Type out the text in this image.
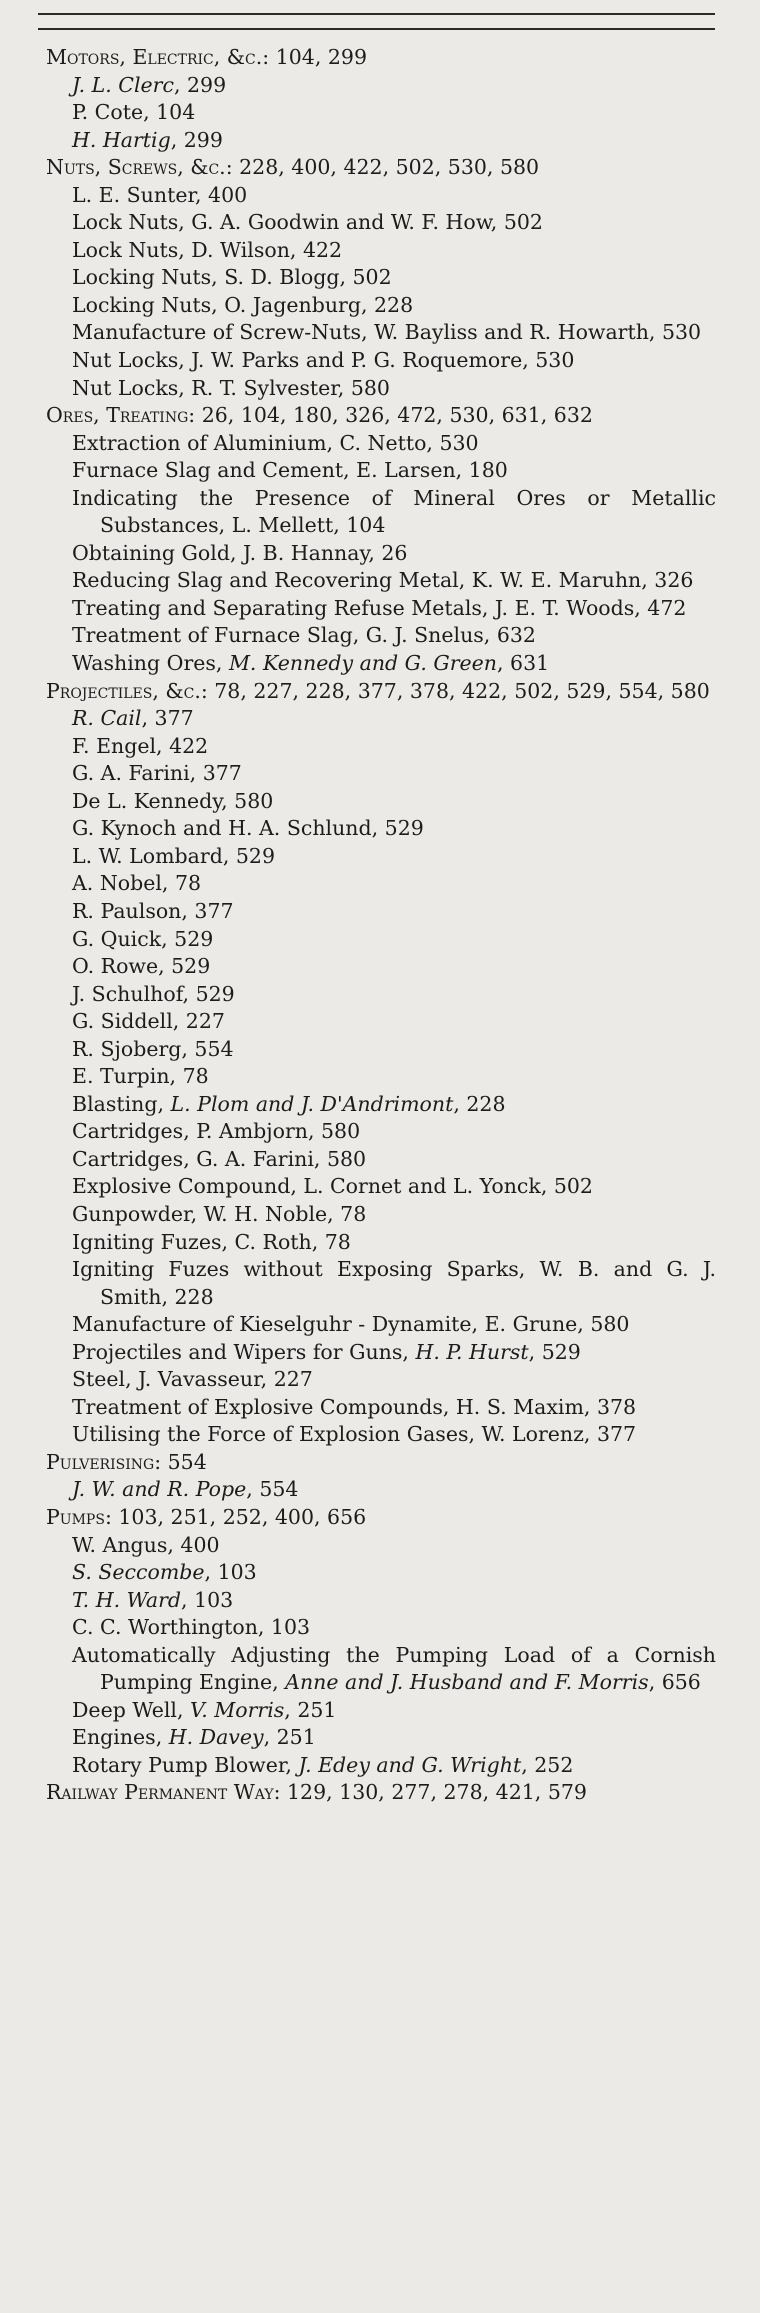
Motors, Electric, &c.: 104, 299
J. L. Clerc, 299
P. Cote, 104
H. Hartig, 299
Nuts, Screws, &c.: 228, 400, 422, 502, 530, 580
L. E. Sunter, 400
Lock Nuts, G. A. Goodwin and W. F. How, 502
Lock Nuts, D. Wilson, 422
Locking Nuts, S. D. Blogg, 502
Locking Nuts, O. Jagenburg, 228
Manufacture of Screw-Nuts, W. Bayliss and R. Howarth, 530
Nut Locks, J. W. Parks and P. G. Roquemore, 530
Nut Locks, R. T. Sylvester, 580
Ores, Treating: 26, 104, 180, 326, 472, 530, 631, 632
Extraction of Aluminium, C. Netto, 530
Furnace Slag and Cement, E. Larsen, 180
Indicating the Presence of Mineral Ores or Metallic Substances, L. Mellett, 104
Obtaining Gold, J. B. Hannay, 26
Reducing Slag and Recovering Metal, K. W. E. Maruhn, 326
Treating and Separating Refuse Metals, J. E. T. Woods, 472
Treatment of Furnace Slag, G. J. Snelus, 632
Washing Ores, M. Kennedy and G. Green, 631
Projectiles, &c.: 78, 227, 228, 377, 378, 422, 502, 529, 554, 580
R. Cail, 377
F. Engel, 422
G. A. Farini, 377
De L. Kennedy, 580
G. Kynoch and H. A. Schlund, 529
L. W. Lombard, 529
A. Nobel, 78
R. Paulson, 377
G. Quick, 529
O. Rowe, 529
J. Schulhof, 529
G. Siddell, 227
R. Sjoberg, 554
E. Turpin, 78
Blasting, L. Plom and J. D'Andrimont, 228
Cartridges, P. Ambjorn, 580
Cartridges, G. A. Farini, 580
Explosive Compound, L. Cornet and L. Yonck, 502
Gunpowder, W. H. Noble, 78
Igniting Fuzes, C. Roth, 78
Igniting Fuzes without Exposing Sparks, W. B. and G. J. Smith, 228
Manufacture of Kieselguhr - Dynamite, E. Grune, 580
Projectiles and Wipers for Guns, H. P. Hurst, 529
Steel, J. Vavasseur, 227
Treatment of Explosive Compounds, H. S. Maxim, 378
Utilising the Force of Explosion Gases, W. Lorenz, 377
Pulverising: 554
J. W. and R. Pope, 554
Pumps: 103, 251, 252, 400, 656
W. Angus, 400
S. Seccombe, 103
T. H. Ward, 103
C. C. Worthington, 103
Automatically Adjusting the Pumping Load of a Cornish Pumping Engine, Anne and J. Husband and F. Morris, 656
Deep Well, V. Morris, 251
Engines, H. Davey, 251
Rotary Pump Blower, J. Edey and G. Wright, 252
Railway Permanent Way: 129, 130, 277, 278, 421, 579
